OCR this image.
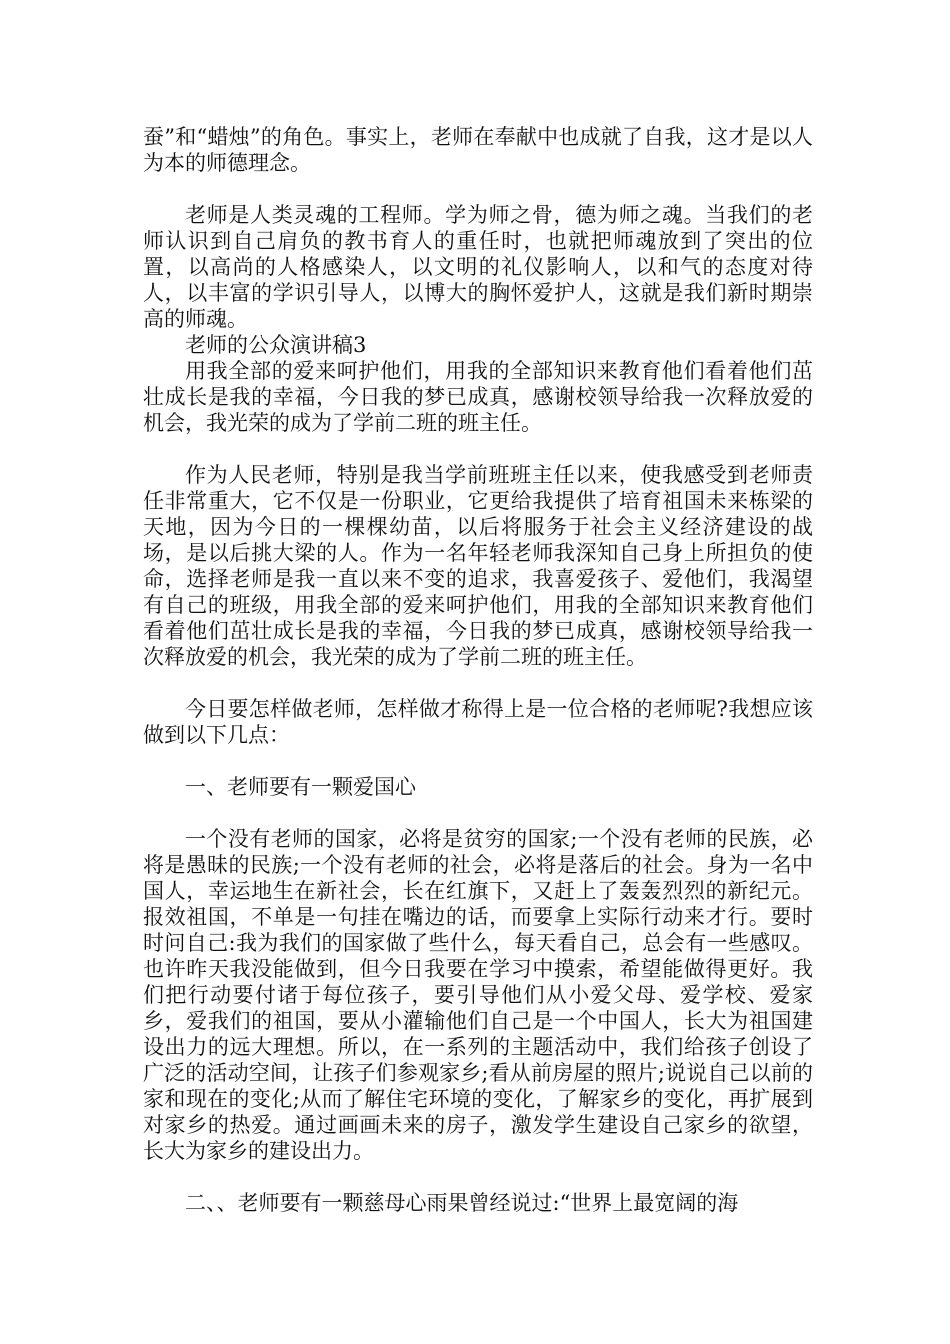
蚕”和“蜡烛”的角色。事实上，老师在奉献中也成就了自我，这才是以人为本的师德理念。

老师是人类灵魂的工程师。学为师之骨，德为师之魂。当我们的老师认识到自己肩负的教书育人的重任时，也就把师魂放到了突出的位置，以高尚的人格感染人，以文明的礼仪影响人，以和气的态度对待人，以丰富的学识引导人，以博大的胸怀爱护人，这就是我们新时期崇高的师魂。

老师的公众演讲稿3

用我全部的爱来呵护他们，用我的全部知识来教育他们看着他们茁壮成长是我的幸福，今日我的梦已成真，感谢校领导给我一次释放爱的机会，我光荣的成为了学前二班的班主任。

作为人民老师，特别是我当学前班班主任以来，使我感受到老师责任非常重大，它不仅是一份职业，它更给我提供了培育祖国未来栋梁的天地，因为今日的一棵棵幼苗，以后将服务于社会主义经济建设的战场，是以后挑大梁的人。作为一名年轻老师我深知自己身上所担负的使命，选择老师是我一直以来不变的追求，我喜爱孩子、爱他们，我渴望有自己的班级，用我全部的爱来呵护他们，用我的全部知识来教育他们看着他们茁壮成长是我的幸福，今日我的梦已成真，感谢校领导给我一次释放爱的机会，我光荣的成为了学前二班的班主任。

今日要怎样做老师，怎样做才称得上是一位合格的老师呢?我想应该做到以下几点：

一、老师要有一颗爱国心

一个没有老师的国家，必将是贫穷的国家;一个没有老师的民族，必将是愚昧的民族;一个没有老师的社会，必将是落后的社会。身为一名中国人，幸运地生在新社会，长在红旗下，又赶上了轰轰烈烈的新纪元。报效祖国，不单是一句挂在嘴边的话，而要拿上实际行动来才行。要时时问自己:我为我们的国家做了些什么，每天看自己，总会有一些感叹。也许昨天我没能做到，但今日我要在学习中摸索，希望能做得更好。我们把行动要付诸于每位孩子，要引导他们从小爱父母、爱学校、爱家乡，爱我们的祖国，要从小灌输他们自己是一个中国人，长大为祖国建设出力的远大理想。所以，在一系列的主题活动中，我们给孩子创设了广泛的活动空间，让孩子们参观家乡;看从前房屋的照片;说说自己以前的家和现在的变化;从而了解住宅环境的变化，了解家乡的变化，再扩展到对家乡的热爱。通过画画未来的房子，激发学生建设自己家乡的欲望，长大为家乡的建设出力。

二、、老师要有一颗慈母心雨果曾经说过:“世界上最宽阔的海
